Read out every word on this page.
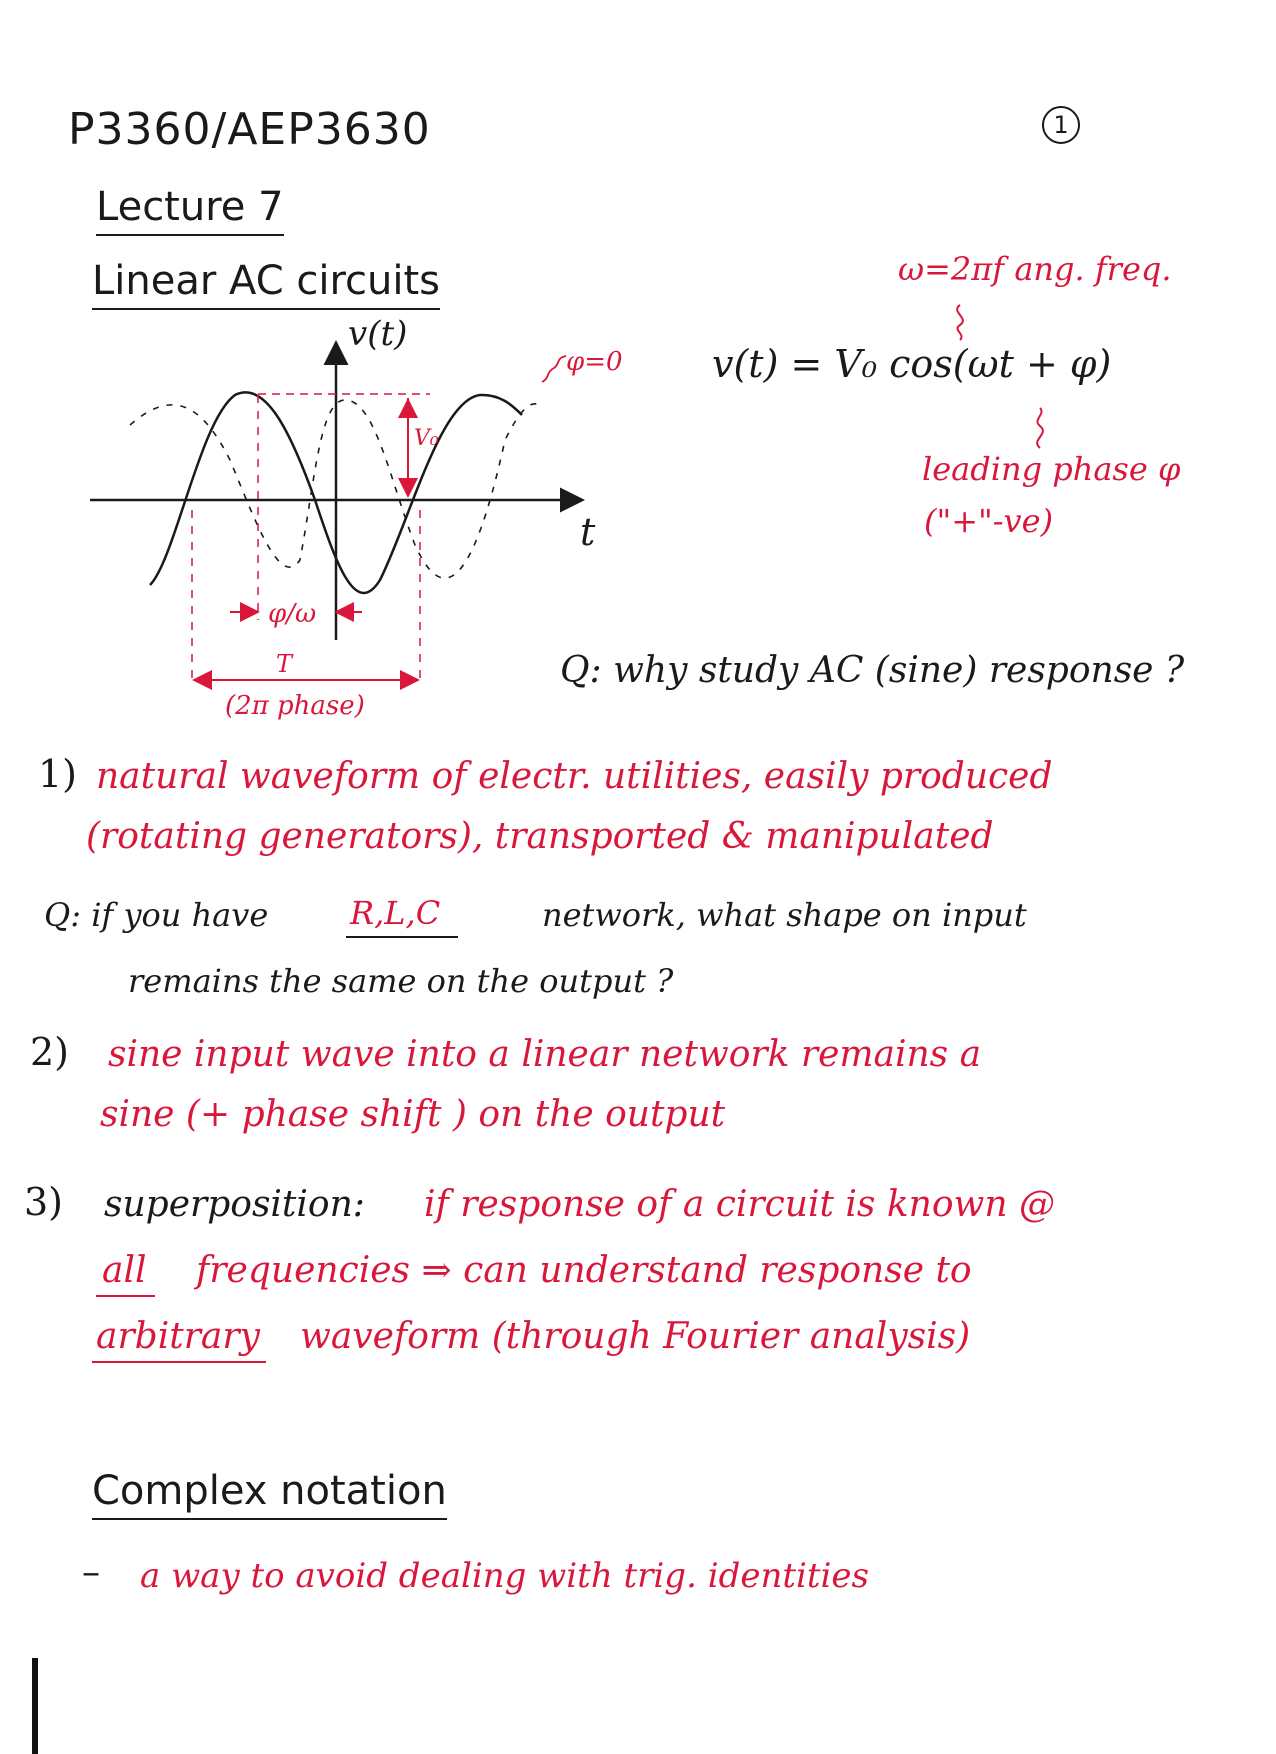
P3360/AEP3630	1
Lecture 7
Linear AC circuits
V₀
φ/ω
T
(2π phase)
v(t)
t
φ=0
ω=2πf ang. freq.
v(t) = V₀ cos(ωt + φ)
leading phase φ
("+"-ve)
Q: why study AC (sine) response ?
1) natural waveform of electr. utilities, easily produced
(rotating generators), transported & manipulated
Q: if you have	R,L,C	network, what shape on input
remains the same on the output ?
2) sine input wave into a linear network remains a
sine (+ phase shift ) on the output
3) superposition: if response of a circuit is known @
all frequencies ⇒ can understand response to
arbitrary waveform (through Fourier analysis)
Complex notation
– a way to avoid dealing with trig. identities
